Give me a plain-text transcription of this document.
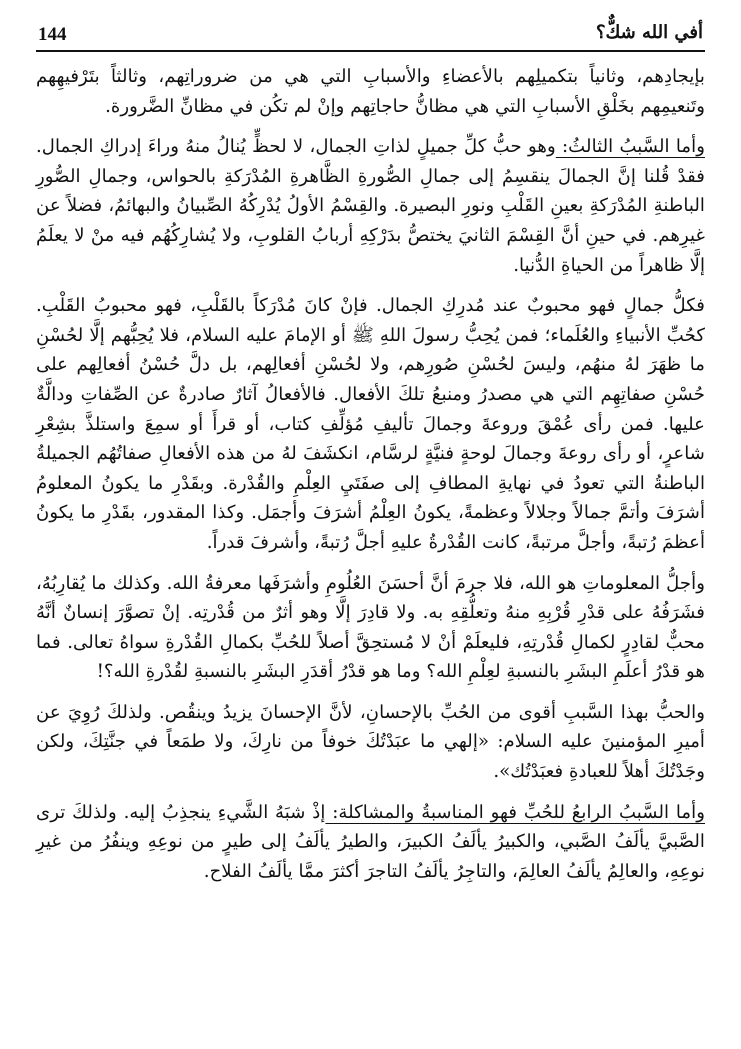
144	أفي الله شكٌّ؟

بإيجادِهم، وثانياً بتكميلِهم بالأعضاءِ والأسبابِ التي هي من ضروراتِهم، وثالثاً بتَرْفيهِهم وتَنعيمِهم بخَلْقِ الأسبابِ التي هي مظانُّ حاجاتِهم وإنْ لم تكُن في مظانِّ الضَّرورة.

وأما السَّببُ الثالثُ: وهو حبُّ كلِّ جميلٍ لذاتِ الجمال، لا لحظٍّ يُنالُ منهُ وراءَ إدراكِ الجمال. فقدْ قُلنا إنَّ الجمالَ ينقسِمُ إلى جمالِ الصُّورةِ الظَّاهرةِ المُدْرَكةِ بالحواس، وجمالِ الصُّورِ الباطنةِ المُدْرَكةِ بعينِ القَلْبِ ونورِ البصيرة. والقِسْمُ الأولُ يُدْرِكُهُ الصِّبيانُ والبهائمُ، فضلاً عن غيرِهم. في حينِ أنَّ القِسْمَ الثانيَ يختصُّ بدَرْكِهِ أربابُ القلوبِ، ولا يُشارِكُهُم فيه منْ لا يعلَمُ إلَّا ظاهراً من الحياةِ الدُّنيا.

فكلُّ جمالٍ فهو محبوبٌ عند مُدرِكِ الجمال. فإنْ كانَ مُدْرَكاً بالقَلْبِ، فهو محبوبُ القَلْبِ. كحُبِّ الأنبياءِ والعُلَماء؛ فمن يُحِبُّ رسولَ اللهِ ﷺ أو الإمامَ عليه السلام، فلا يُحِبُّهم إلَّا لحُسْنِ ما ظهَرَ لهُ منهُم، وليسَ لحُسْنِ صُورِهم، ولا لحُسْنِ أفعالِهم، بل دلَّ حُسْنُ أفعالِهم على حُسْنِ صفاتِهِم التي هي مصدرُ ومنبعُ تلكَ الأفعال. فالأفعالُ آثارٌ صادرةٌ عن الصِّفاتِ ودالَّةٌ عليها. فمن رأى عُمْقَ وروعةَ وجمالَ تأليفِ مُؤلِّفِ كتاب، أو قرأَ أو سمِعَ واستلذَّ بشِعْرِ شاعرٍ، أو رأى روعةَ وجمالَ لوحةٍ فنيَّةٍ لرسَّام، انكشَفَ لهُ من هذه الأفعالِ صفاتُهُم الجميلةُ الباطنةُ التي تعودُ في نهايةِ المطافِ إلى صفَتَيِ العِلْمِ والقُدْرة. وبقَدْرِ ما يكونُ المعلومُ أشرَفَ وأتمَّ جمالاً وجلالاً وعظمةً، يكونُ العِلْمُ أشرَفَ وأجمَل. وكذا المقدور، بقَدْرِ ما يكونُ أعظمَ رُتبةً، وأجلَّ مرتبةً، كانت القُدْرةُ عليهِ أجلَّ رُتبةً، وأشرفَ قدراً.

وأجلُّ المعلوماتِ هو الله، فلا جرمَ أنَّ أحسَنَ العُلُومِ وأشرَفَها معرفةُ الله. وكذلك ما يُقارِبُهُ، فشَرَفُهُ على قدْرِ قُرْبِهِ منهُ وتعلُّقِهِ به. ولا قادِرَ إلَّا وهو أثرٌ من قُدْرتِه. إنْ تصوَّرَ إنسانٌ أنَّهُ محبٌّ لقادِرٍ لكمالِ قُدْرتِهِ، فليعلَمْ أنْ لا مُستحِقَّ أصلاً للحُبِّ بكمالِ القُدْرةِ سواهُ تعالى. فما هو قدْرُ أعلَمِ البشَرِ بالنسبةِ لعِلْمِ الله؟ وما هو قدْرُ أقدَرِ البشَرِ بالنسبةِ لقُدْرةِ الله؟!

والحبُّ بهذا السَّببِ أقوى من الحُبِّ بالإحسانِ، لأنَّ الإحسانَ يزيدُ وينقُص. ولذلكَ رُوِيَ عن أميرِ المؤمنينَ عليه السلام: «إلهي ما عبَدْتُكَ خوفاً من نارِكَ، ولا طمَعاً في جنَّتِكَ، ولكن وجَدْتُكَ أهلاً للعبادةِ فعبَدْتُك».

وأما السَّببُ الرابعُ للحُبِّ فهو المناسبةُ والمشاكلة: إذْ شبَهُ الشَّيءِ ينجذِبُ إليه. ولذلكَ ترى الصَّبيَّ يألَفُ الصَّبي، والكبيرُ يألَفُ الكبيرَ، والطيرُ يألَفُ إلى طيرٍ من نوعِهِ وينفُرُ من غيرِ نوعِهِ، والعالِمُ يألَفُ العالِمَ، والتاجِرُ يألَفُ التاجرَ أكثرَ ممَّا يألَفُ الفلاح.
